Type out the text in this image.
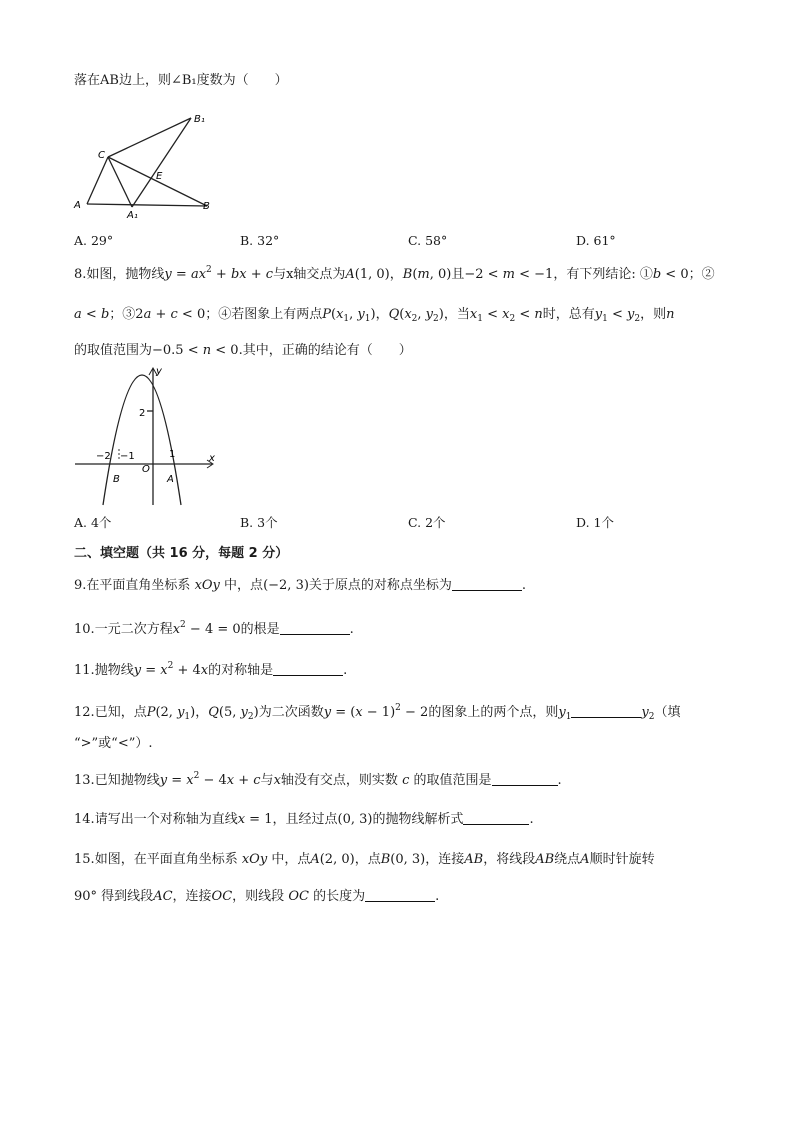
落在AB边上，则∠B₁度数为（　　）
B₁
C
E
A
A₁
B
A. 29°	B. 32°	C. 58°	D. 61°
8.如图，抛物线$y = ax^2$ + bx + c与x轴交点为A(1, 0)，B(m, 0)且−2 < m < −1，有下列结论: ①b < 0；②
a < b；③2a + c < 0；④若图象上有两点$P(x_1$, $y_1$)，$Q(x_2$, $y_2$)，当$x_1 < x_2 < n$时，总有$y_1 < y_2$，则n
的取值范围为−0.5 < n < 0.其中，正确的结论有（　　）
y
x
2
−2 −1
O
1
B	A
A. 4个	B. 3个	C. 2个	D. 1个
二、填空题（共 16 分，每题 2 分）
9.在平面直角坐标系 xOy 中，点(−2, 3)关于原点的对称点坐标为	.
10.一元二次方程$x^2 - 4 = 0$的根是	.
11.抛物线$y = x^2 + 4x$的对称轴是	.
12.已知，点P(2, $y_1$)，Q(5, $y_2$)为二次函数$y = (x - 1)^2 - 2$的图象上的两个点，则$y_1$	$y_2$（填
“>”或“<”）.
13.已知抛物线$y = x^2 - 4x + c$与x轴没有交点，则实数 c 的取值范围是	.
14.请写出一个对称轴为直线x = 1，且经过点(0, 3)的抛物线解析式	.
15.如图，在平面直角坐标系 xOy 中，点A(2, 0)，点B(0, 3)，连接AB，将线段AB绕点A顺时针旋转
90° 得到线段AC，连接OC，则线段 OC 的长度为	.
